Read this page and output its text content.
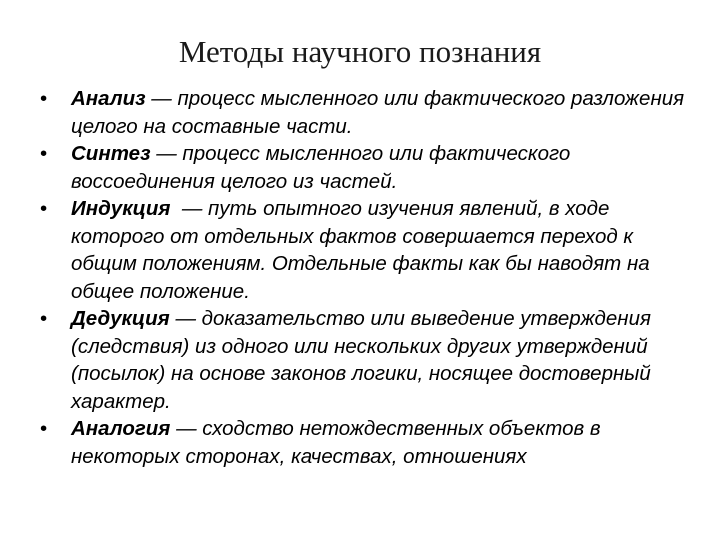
Методы научного познания
• Анализ — процесс мысленного или фактического разложения целого на составные части.
• Синтез — процесс мысленного или фактического воссоединения целого из частей.
• Индукция  — путь опытного изучения явлений, в ходе которого от отдельных фактов совершается переход к общим положениям. Отдельные факты как бы наводят на общее положение.
• Дедукция — доказательство или выведение утверждения (следствия) из одного или нескольких других утверждений (посылок) на основе законов логики, носящее достоверный характер.
• Аналогия — сходство нетождественных объектов в некоторых сторонах, качествах, отношениях
